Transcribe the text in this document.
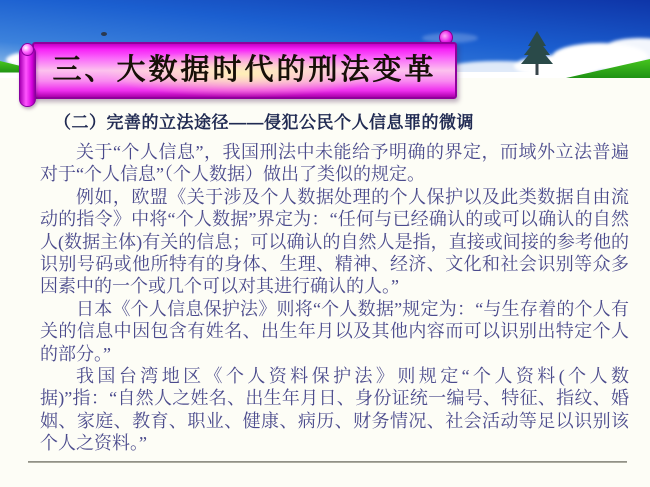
三、大数据时代的刑法变革
（二）完善的立法途径——侵犯公民个人信息罪的微调

关于“个人信息”，我国刑法中未能给予明确的界定，而域外立法普遍对于“个人信息”（个人数据）做出了类似的规定。

例如，欧盟《关于涉及个人数据处理的个人保护以及此类数据自由流动的指令》中将“个人数据”界定为：“任何与已经确认的或可以确认的自然人(数据主体)有关的信息；可以确认的自然人是指，直接或间接的参考他的识别号码或他所特有的身体、生理、精神、经济、文化和社会识别等众多因素中的一个或几个可以对其进行确认的人。”

日本《个人信息保护法》则将“个人数据”规定为：“与生存着的个人有关的信息中因包含有姓名、出生年月以及其他内容而可以识别出特定个人的部分。”

我国台湾地区《个人资料保护法》则规定“个人资料(个人数据)”指：“自然人之姓名、出生年月日、身份证统一编号、特征、指纹、婚姻、家庭、教育、职业、健康、病历、财务情况、社会活动等足以识别该个人之资料。”
